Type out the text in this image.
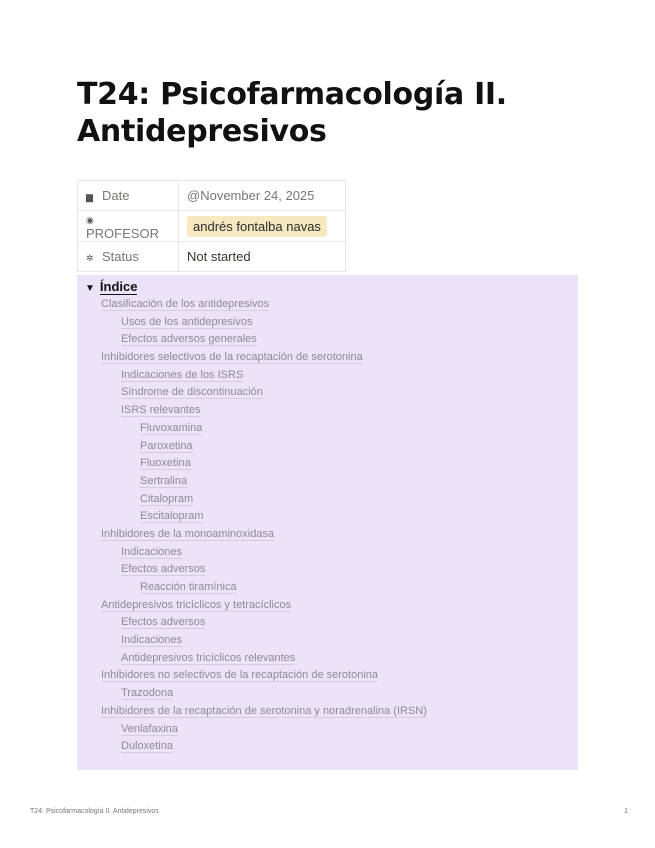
T24: Psicofarmacología II. Antidepresivos
▆ Date	@November 24, 2025
◉PROFESOR	andrés fontalba navas
✲ Status	Not started
▼ Índice
Clasificación de los antidepresivos
Usos de los antidepresivos
Efectos adversos generales
Inhibidores selectivos de la recaptación de serotonina
Indicaciones de los ISRS
Síndrome de discontinuación
ISRS relevantes
Fluvoxamina
Paroxetina
Fluoxetina
Sertralina
Citalopram
Escitalopram
Inhibidores de la monoaminoxidasa
Indicaciones
Efectos adversos
Reacción tiramínica
Antidepresivos tricíclicos y tetracíclicos
Efectos adversos
Indicaciones
Antidepresivos tricíclicos relevantes
Inhibidores no selectivos de la recaptación de serotonina
Trazodona
Inhibidores de la recaptación de serotonina y noradrenalina (IRSN)
Venlafaxina
Duloxetina
T24: Psicofarmacología II. Antidepresivos	1
